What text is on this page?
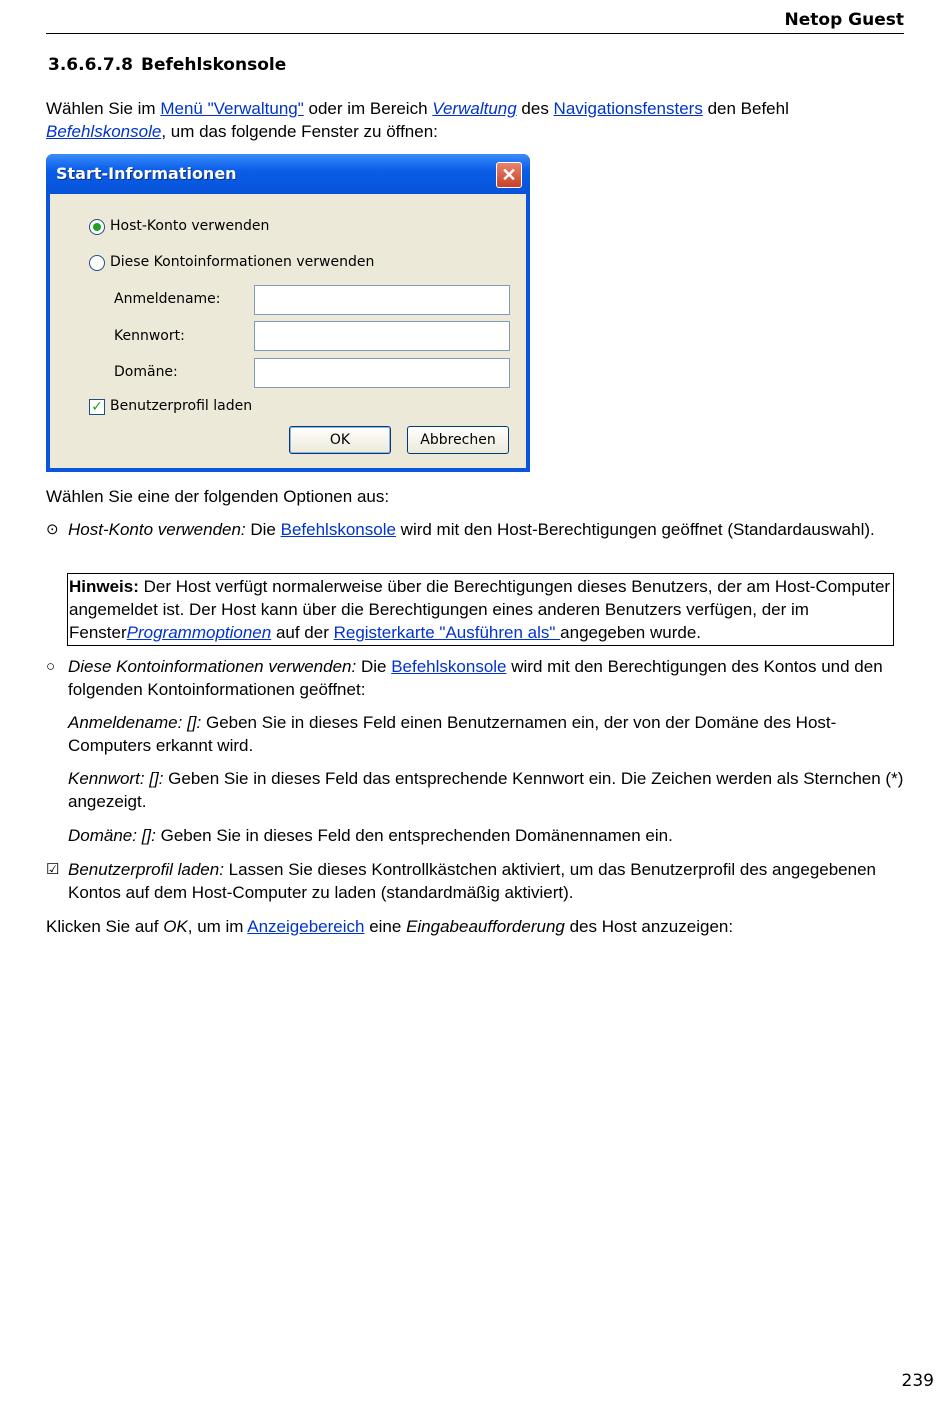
Netop Guest
3.6.6.7.8 Befehlskonsole

Wählen Sie im Menü "Verwaltung" oder im Bereich Verwaltung des Navigationsfensters den Befehl Befehlskonsole, um das folgende Fenster zu öffnen:

Start-Informationen	✕
Host-Konto verwenden
Diese Kontoinformationen verwenden
Anmeldename:
Kennwort:
Domäne:
✓ Benutzerprofil laden
OK	Abbrechen

Wählen Sie eine der folgenden Optionen aus:

⊙ Host-Konto verwenden: Die Befehlskonsole wird mit den Host-Berechtigungen geöffnet (Standardauswahl).

Hinweis: Der Host verfügt normalerweise über die Berechtigungen dieses Benutzers, der am Host-Computer angemeldet ist. Der Host kann über die Berechtigungen eines anderen Benutzers verfügen, der im FensterProgrammoptionen auf der Registerkarte "Ausführen als" angegeben wurde.
○ Diese Kontoinformationen verwenden: Die Befehlskonsole wird mit den Berechtigungen des Kontos und den folgenden Kontoinformationen geöffnet:

Anmeldename: []: Geben Sie in dieses Feld einen Benutzernamen ein, der von der Domäne des Host-Computers erkannt wird.

Kennwort: []: Geben Sie in dieses Feld das entsprechende Kennwort ein. Die Zeichen werden als Sternchen (*) angezeigt.

Domäne: []: Geben Sie in dieses Feld den entsprechenden Domänennamen ein.

☑ Benutzerprofil laden: Lassen Sie dieses Kontrollkästchen aktiviert, um das Benutzerprofil des angegebenen Kontos auf dem Host-Computer zu laden (standardmäßig aktiviert).

Klicken Sie auf OK, um im Anzeigebereich eine Eingabeaufforderung des Host anzuzeigen:

239
